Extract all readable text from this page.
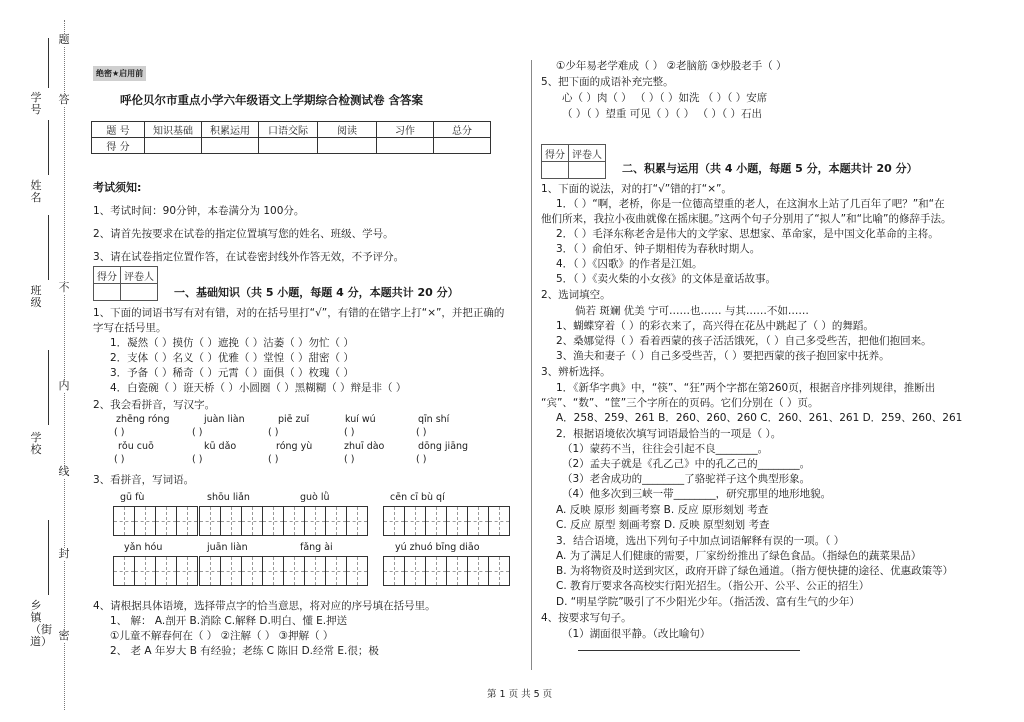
学号
姓名
班级
学校
乡镇（街道）
题
答
不
内
线
封
密
绝密★启用前
呼伦贝尔市重点小学六年级语文上学期综合检测试卷 含答案
题 号	知识基础	积累运用	口语交际	阅读	习作	总分
得 分						
考试须知:
1、考试时间：90分钟，本卷满分为 100分。
2、请首先按要求在试卷的指定位置填写您的姓名、班级、学号。
3、请在试卷指定位置作答，在试卷密封线外作答无效，不予评分。
得分	评卷人

一、基础知识（共 5 小题，每题 4 分，本题共计 20 分）
1、下面的词语书写有对有错，对的在括号里打“√”，有错的在错字上打“×”，并把正确的
字写在括号里。
1．凝然（ ）摸仿（ ）遮挽（ ）沽萎（ ）勿忙（ ）
2．支体（ ）名义（ ）优雅（ ）堂惶（ ）甜密（ ）
3．予备（ ）稀奇（ ）元霄（ ）面俱（ ）枚瑰（ ）
4．白瓷碗（ ）诳天桥（ ）小圆圈（ ）黑糊糊（ ）辩是非（ ）
2、我会看拼音，写汉字。
zhēng róng	juàn liàn	piē zuǐ	kuí wú	qīn shí
( )	( )	( )	( )	( )
rǒu cuō	kū dǎo	róng yù	zhuī dào	dōng jiāng
( )	( )	( )	( )	( )
3、看拼音，写词语。
gū fù	shōu liǎn	guò lǜ	cēn cī bù qí
yǎn hóu	juān liàn	fǎng ài	yú zhuó bīng diāo
4、请根据具体语境，选择带点字的恰当意思，将对应的序号填在括号里。
1、 解： A.剖开 B.消除 C.解释 D.明白、懂 E.押送
①儿童不解春何在（ ） ②注解（ ） ③押解（ ）
2、 老 A 年岁大 B 有经验；老练 C 陈旧 D.经常 E.很；极
①少年易老学难成（ ） ②老脑筋 ③炒股老手（ ）
5、把下面的成语补充完整。
心（ ）肉（ ） （ ）（ ）如洗 （ ）（ ）安席
（ ）（ ）望重 可见（ ）（ ） （ ）（ ）石出
得分	评卷人

二、积累与运用（共 4 小题，每题 5 分，本题共计 20 分）
1、下面的说法，对的打“√”错的打“×”。
1．（ ）“啊，老桥，你是一位德高望重的老人，在这涧水上站了几百年了吧？”和“在
他们所来，我拉小夜曲就像在摇床腿。”这两个句子分别用了“拟人”和“比喻”的修辞手法。
2．（ ）毛泽东称老舍是伟大的文学家、思想家、革命家，是中国文化革命的主将。
3．（ ）俞伯牙、钟子期相传为春秋时期人。
4．（ ）《囚歌》的作者是江姐。
5．（ ）《卖火柴的小女孩》的文体是童话故事。
2、选词填空。
倘若 斑斓 优美 宁可……也…… 与其……不如……
1、蝴蝶穿着（ ）的彩衣来了，高兴得在花丛中跳起了（ ）的舞蹈。
2、桑娜觉得（ ）看着西蒙的孩子活活饿死，（ ）自己多受些苦，把他们抱回来。
3、渔夫和妻子（ ）自己多受些苦，（ ）要把西蒙的孩子抱回家中抚养。
3、辨析选择。
1．《新华字典》中，“筷”、“狂”两个字都在第260页，根据音序排列规律，推断出
“宾”、“数”、“筐”三个字所在的页码。它们分别在（ ）页。
A．258、259、261 B．260、260、260 C．260、261、261 D．259、260、261
2．根据语境依次填写词语最恰当的一项是（ ）。
（1）蒙药不当，往往会引起不良________。
（2）孟夫子就是《孔乙己》中的孔乙己的________。
（3）老舍成功的________了骆驼祥子这个典型形象。
（4）他多次到三峡一带________，研究那里的地形地貌。
A. 反映 原形 刻画考察 B. 反应 原形刻划 考查
C. 反应 原型 刻画考察 D. 反映 原型刻划 考查
3．结合语境，选出下列句子中加点词语解释有误的一项。（ ）
A. 为了满足人们健康的需要，厂家纷纷推出了绿色食品。（指绿色的蔬菜果品）
B. 为将物资及时送到灾区，政府开辟了绿色通道。（指方便快捷的途径、优惠政策等）
C. 教育厅要求各高校实行阳光招生。（指公开、公平、公正的招生）
D. “明星学院”吸引了不少阳光少年。（指活泼、富有生气的少年）
4、按要求写句子。
（1）湖面很平静。（改比喻句）
第 1 页 共 5 页
